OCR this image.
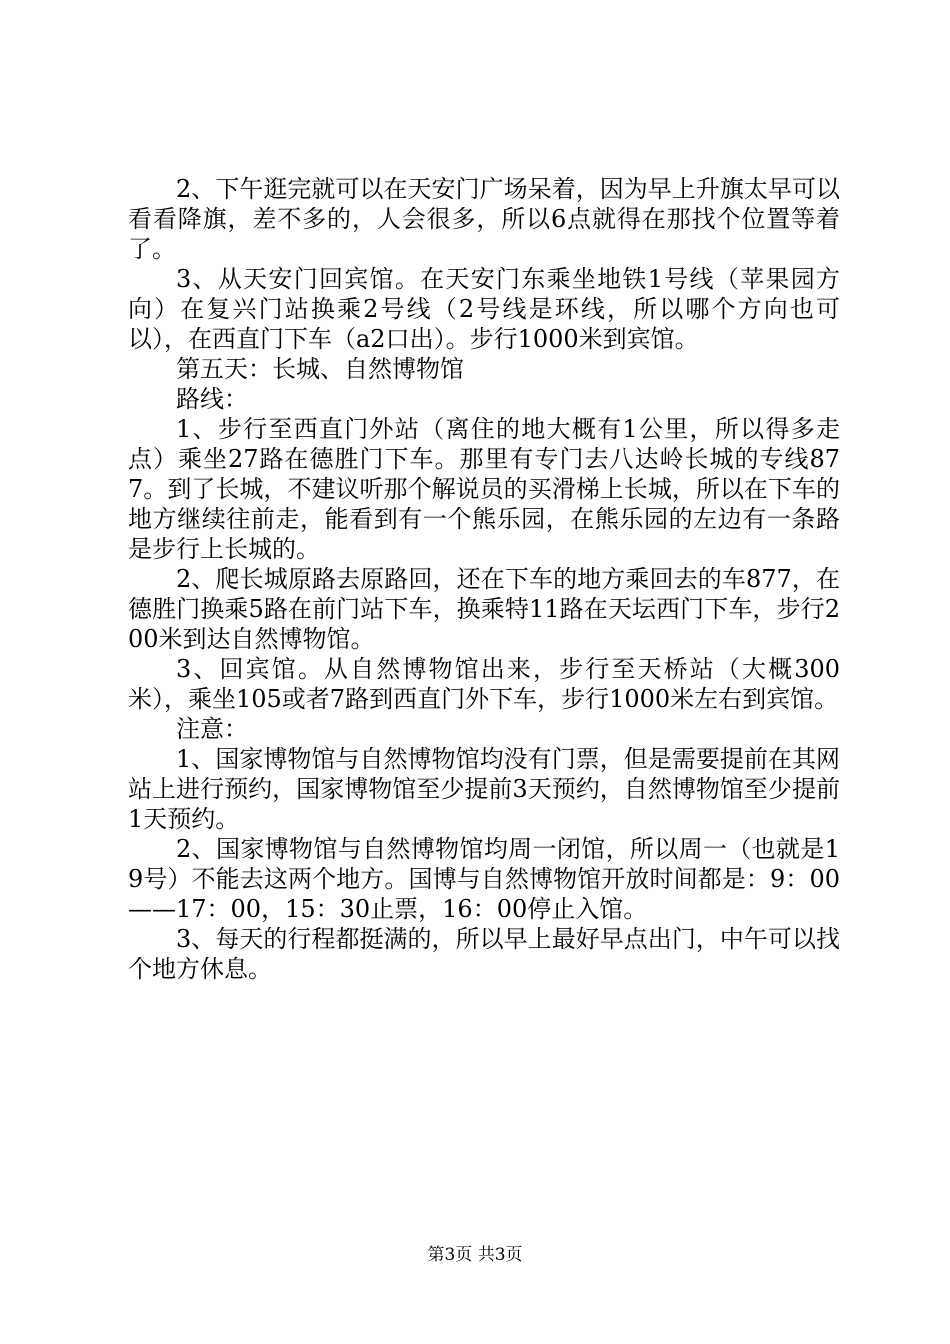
2、下午逛完就可以在天安门广场呆着，因为早上升旗太早可以看看降旗，差不多的，人会很多，所以6点就得在那找个位置等着了。

3、从天安门回宾馆。在天安门东乘坐地铁1号线（苹果园方向）在复兴门站换乘2号线（2号线是环线，所以哪个方向也可以），在西直门下车（a2口出）。步行1000米到宾馆。

第五天：长城、自然博物馆

路线：

1、步行至西直门外站（离住的地大概有1公里，所以得多走点）乘坐27路在德胜门下车。那里有专门去八达岭长城的专线877。到了长城，不建议听那个解说员的买滑梯上长城，所以在下车的地方继续往前走，能看到有一个熊乐园，在熊乐园的左边有一条路是步行上长城的。

2、爬长城原路去原路回，还在下车的地方乘回去的车877，在德胜门换乘5路在前门站下车，换乘特11路在天坛西门下车，步行200米到达自然博物馆。

3、回宾馆。从自然博物馆出来，步行至天桥站（大概300米），乘坐105或者7路到西直门外下车，步行1000米左右到宾馆。

注意：

1、国家博物馆与自然博物馆均没有门票，但是需要提前在其网站上进行预约，国家博物馆至少提前3天预约，自然博物馆至少提前1天预约。

2、国家博物馆与自然博物馆均周一闭馆，所以周一（也就是19号）不能去这两个地方。国博与自然博物馆开放时间都是：9：00——17：00，15：30止票，16：00停止入馆。

3、每天的行程都挺满的，所以早上最好早点出门，中午可以找个地方休息。

第3页 共3页
